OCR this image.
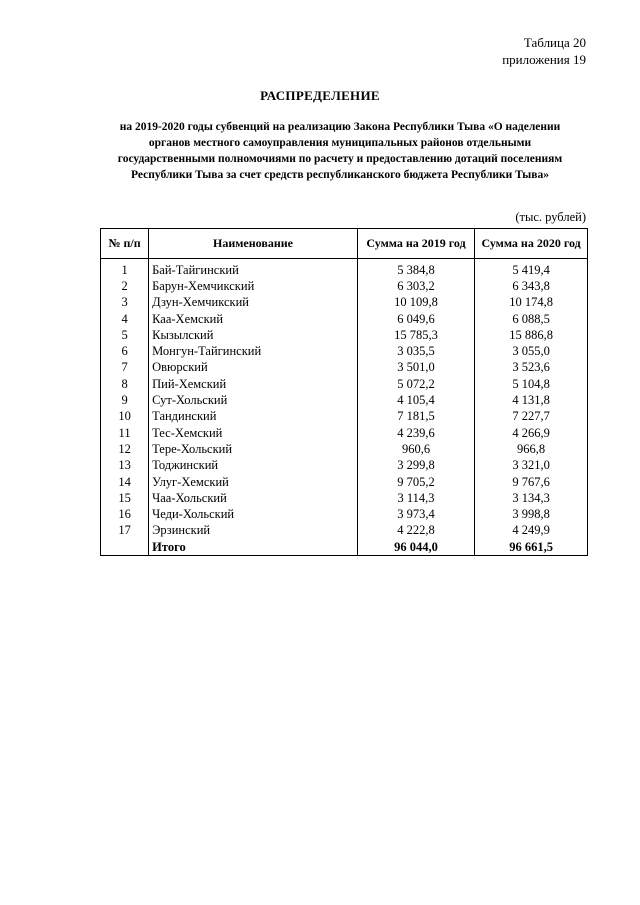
Таблица 20
приложения 19
РАСПРЕДЕЛЕНИЕ
на 2019-2020 годы субвенций на реализацию Закона Республики Тыва «О наделении органов местного самоуправления муниципальных районов отдельными государственными полномочиями по расчету и предоставлению дотаций поселениям Республики Тыва за счет средств республиканского бюджета Республики Тыва»
(тыс. рублей)
№ п/п	Наименование	Сумма на 2019 год	Сумма на 2020 год
1	Бай-Тайгинский	5 384,8	5 419,4
2	Барун-Хемчикский	6 303,2	6 343,8
3	Дзун-Хемчикский	10 109,8	10 174,8
4	Каа-Хемский	6 049,6	6 088,5
5	Кызылский	15 785,3	15 886,8
6	Монгун-Тайгинский	3 035,5	3 055,0
7	Овюрский	3 501,0	3 523,6
8	Пий-Хемский	5 072,2	5 104,8
9	Сут-Хольский	4 105,4	4 131,8
10	Тандинский	7 181,5	7 227,7
11	Тес-Хемский	4 239,6	4 266,9
12	Тере-Хольский	960,6	966,8
13	Тоджинский	3 299,8	3 321,0
14	Улуг-Хемский	9 705,2	9 767,6
15	Чаа-Хольский	3 114,3	3 134,3
16	Чеди-Хольский	3 973,4	3 998,8
17	Эрзинский	4 222,8	4 249,9
	Итого	96 044,0	96 661,5
